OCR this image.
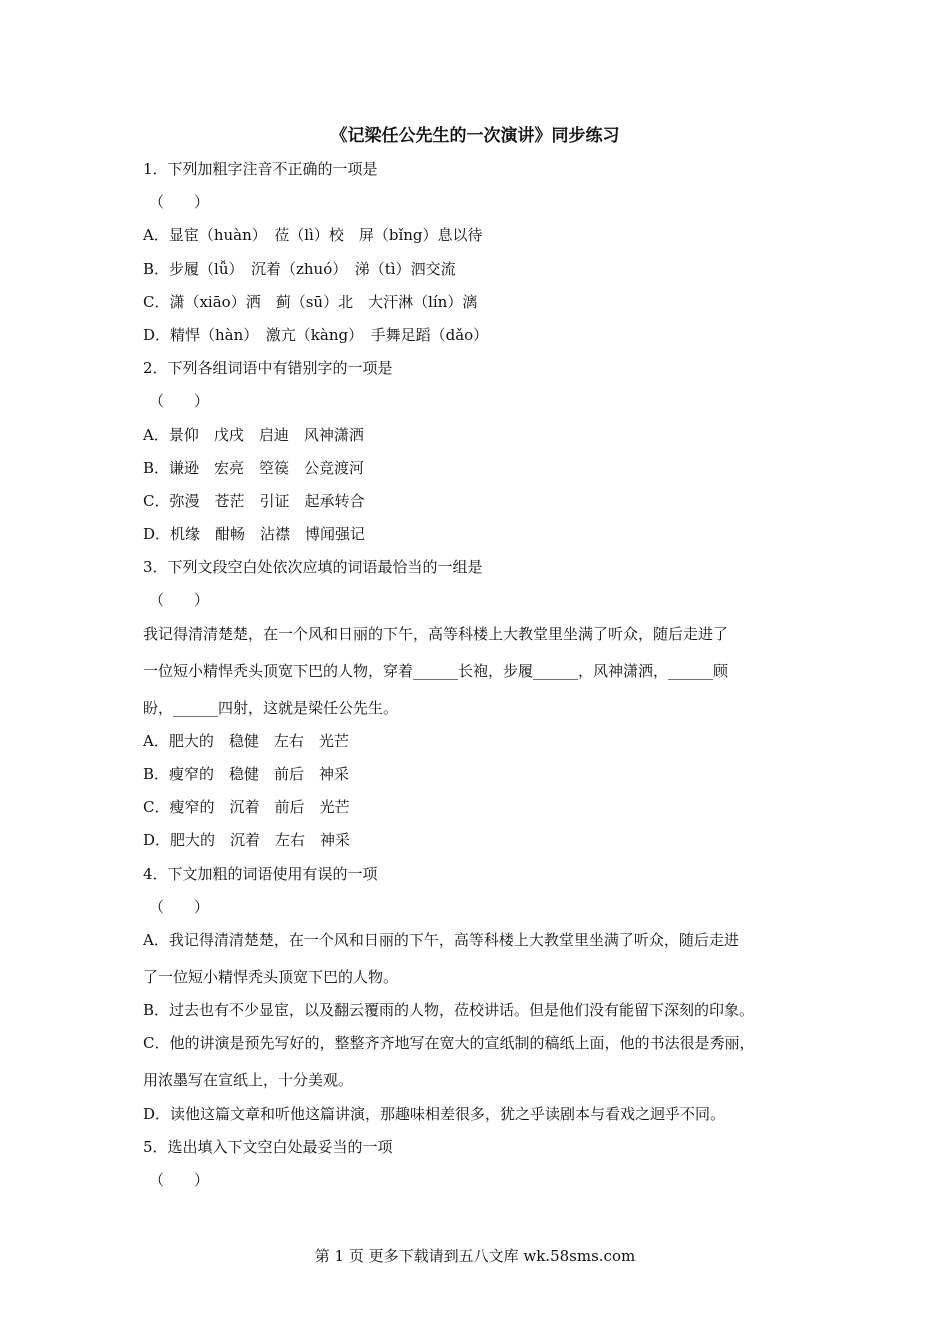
《记梁任公先生的一次演讲》同步练习
1．下列加粗字注音不正确的一项是
（　　）
A．显宦（huàn）　莅（lì）校　屏（bǐng）息以待
B．步履（lǚ）　沉着（zhuó）　涕（tì）泗交流
C．潇（xiāo）洒　蓟（sū）北　大汗淋（lín）漓
D．精悍（hàn）　激亢（kàng）　手舞足蹈（dǎo）
2．下列各组词语中有错别字的一项是
（　　）
A．景仰　戊戌　启迪　风神潇洒
B．谦逊　宏亮　箜篌　公竞渡河
C．弥漫　苍茫　引证　起承转合
D．机缘　酣畅　沾襟　博闻强记
3．下列文段空白处依次应填的词语最恰当的一组是
（　　）
我记得清清楚楚，在一个风和日丽的下午，高等科楼上大教堂里坐满了听众，随后走进了
一位短小精悍秃头顶宽下巴的人物，穿着______长袍，步履______，风神潇洒，______顾
盼，______四射，这就是梁任公先生。
A．肥大的　稳健　左右　光芒
B．瘦窄的　稳健　前后　神采
C．瘦窄的　沉着　前后　光芒
D．肥大的　沉着　左右　神采
4．下文加粗的词语使用有误的一项
（　　）
A．我记得清清楚楚，在一个风和日丽的下午，高等科楼上大教堂里坐满了听众，随后走进
了一位短小精悍秃头顶宽下巴的人物。
B．过去也有不少显宦，以及翻云覆雨的人物，莅校讲话。但是他们没有能留下深刻的印象。
C．他的讲演是预先写好的，整整齐齐地写在宽大的宣纸制的稿纸上面，他的书法很是秀丽，
用浓墨写在宣纸上，十分美观。
D．读他这篇文章和听他这篇讲演，那趣味相差很多，犹之乎读剧本与看戏之迥乎不同。
5．选出填入下文空白处最妥当的一项
（　　）
第 1 页 更多下载请到五八文库 wk.58sms.com
